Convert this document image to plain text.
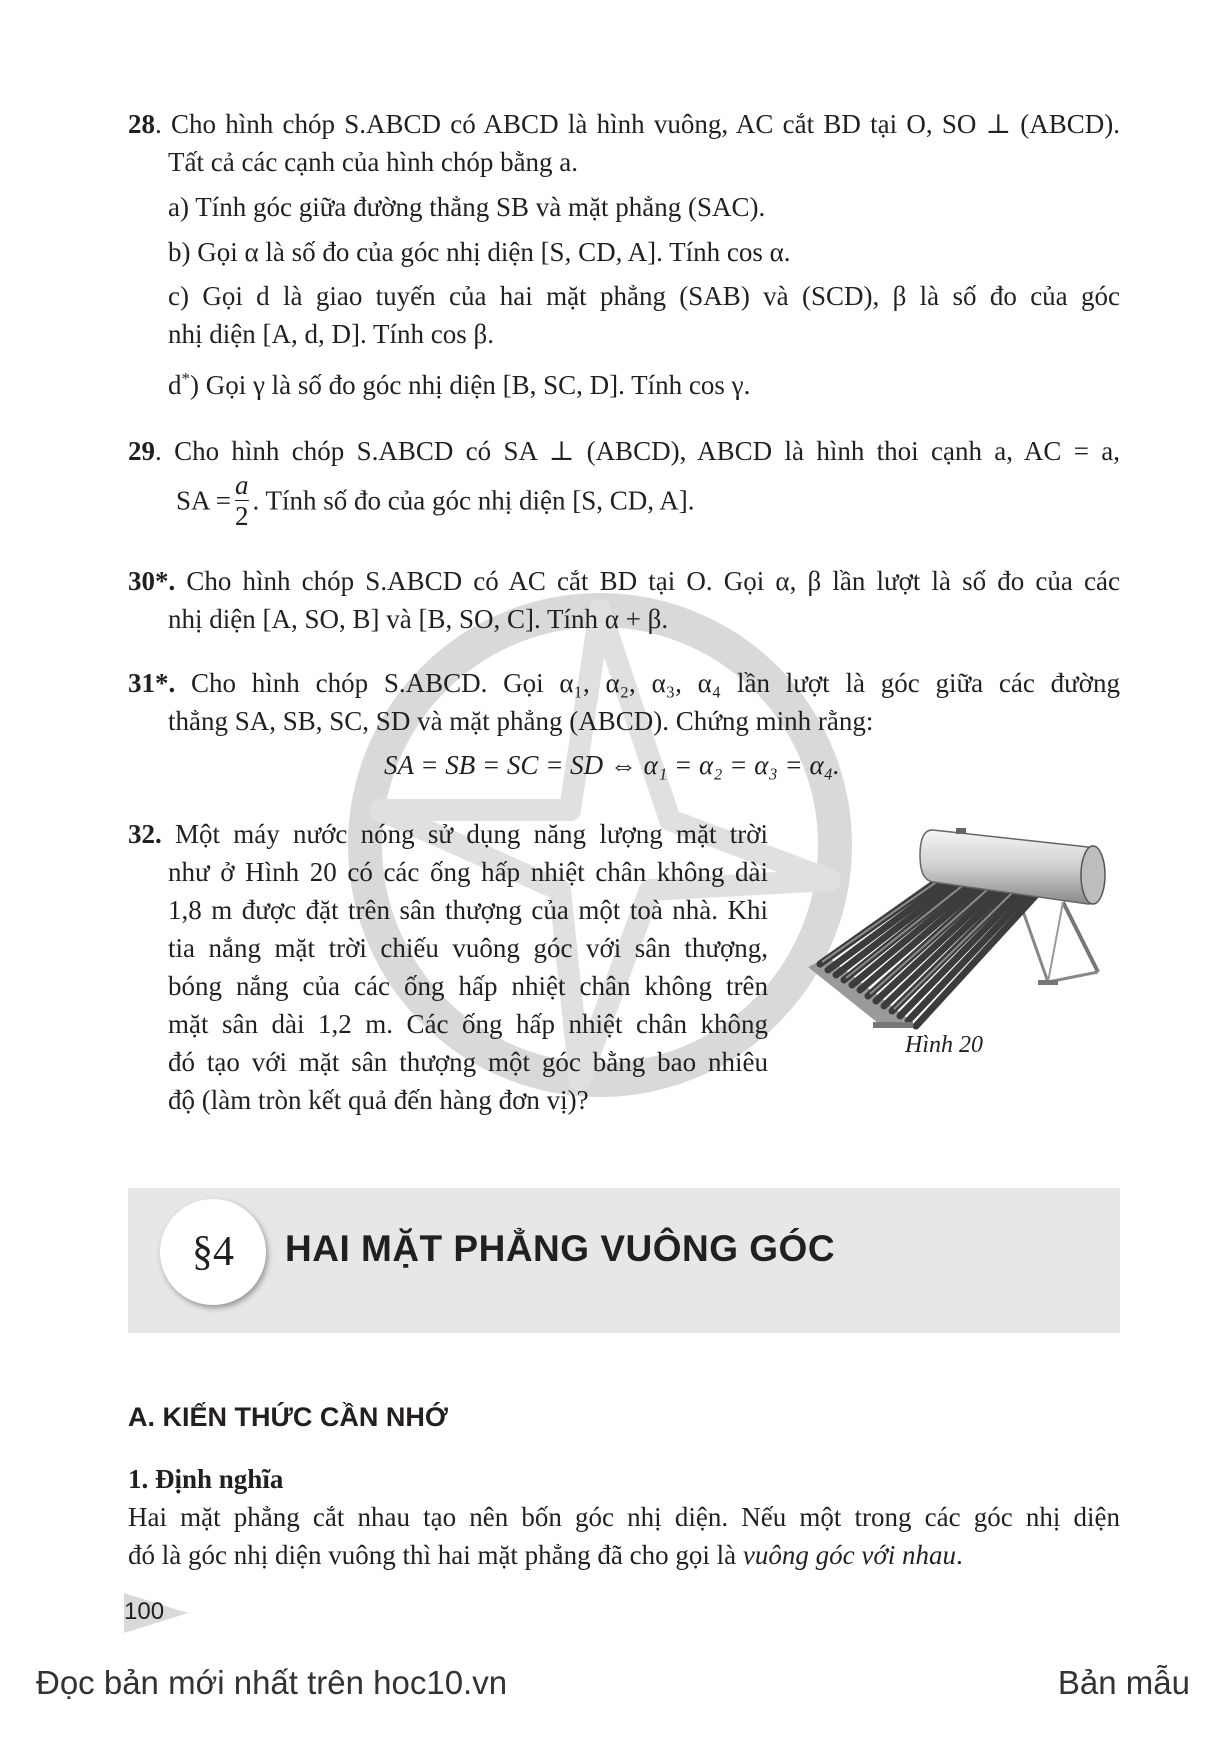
28. Cho hình chóp S.ABCD có ABCD là hình vuông, AC cắt BD tại O, SO ⊥ (ABCD).
Tất cả các cạnh của hình chóp bằng a.
a) Tính góc giữa đường thẳng SB và mặt phẳng (SAC).
b) Gọi α là số đo của góc nhị diện [S, CD, A]. Tính cos α.
c) Gọi d là giao tuyến của hai mặt phẳng (SAB) và (SCD), β là số đo của góc
nhị diện [A, d, D]. Tính cos β.
d*) Gọi γ là số đo góc nhị diện [B, SC, D]. Tính cos γ.
29. Cho hình chóp S.ABCD có SA ⊥ (ABCD), ABCD là hình thoi cạnh a, AC = a,
SA = $\frac{a}{2}$ . Tính số đo của góc nhị diện [S, CD, A].
30*. Cho hình chóp S.ABCD có AC cắt BD tại O. Gọi α, β lần lượt là số đo của các
nhị diện [A, SO, B] và [B, SO, C]. Tính α + β.
31*. Cho hình chóp S.ABCD. Gọi α₁, α₂, α₃, α₄ lần lượt là góc giữa các đường
thẳng SA, SB, SC, SD và mặt phẳng (ABCD). Chứng minh rằng:
SA = SB = SC = SD ⇔ α₁ = α₂ = α₃ = α₄.
32. Một máy nước nóng sử dụng năng lượng mặt trời
như ở Hình 20 có các ống hấp nhiệt chân không dài
1,8 m được đặt trên sân thượng của một toà nhà. Khi
tia nắng mặt trời chiếu vuông góc với sân thượng,
bóng nắng của các ống hấp nhiệt chân không trên
mặt sân dài 1,2 m. Các ống hấp nhiệt chân không
đó tạo với mặt sân thượng một góc bằng bao nhiêu
độ (làm tròn kết quả đến hàng đơn vị)?
Hình 20
§4 HAI MẶT PHẲNG VUÔNG GÓC
A. KIẾN THỨC CẦN NHỚ
1. Định nghĩa
Hai mặt phẳng cắt nhau tạo nên bốn góc nhị diện. Nếu một trong các góc nhị diện
đó là góc nhị diện vuông thì hai mặt phẳng đã cho gọi là vuông góc với nhau.
100
Đọc bản mới nhất trên hoc10.vn	Bản mẫu
